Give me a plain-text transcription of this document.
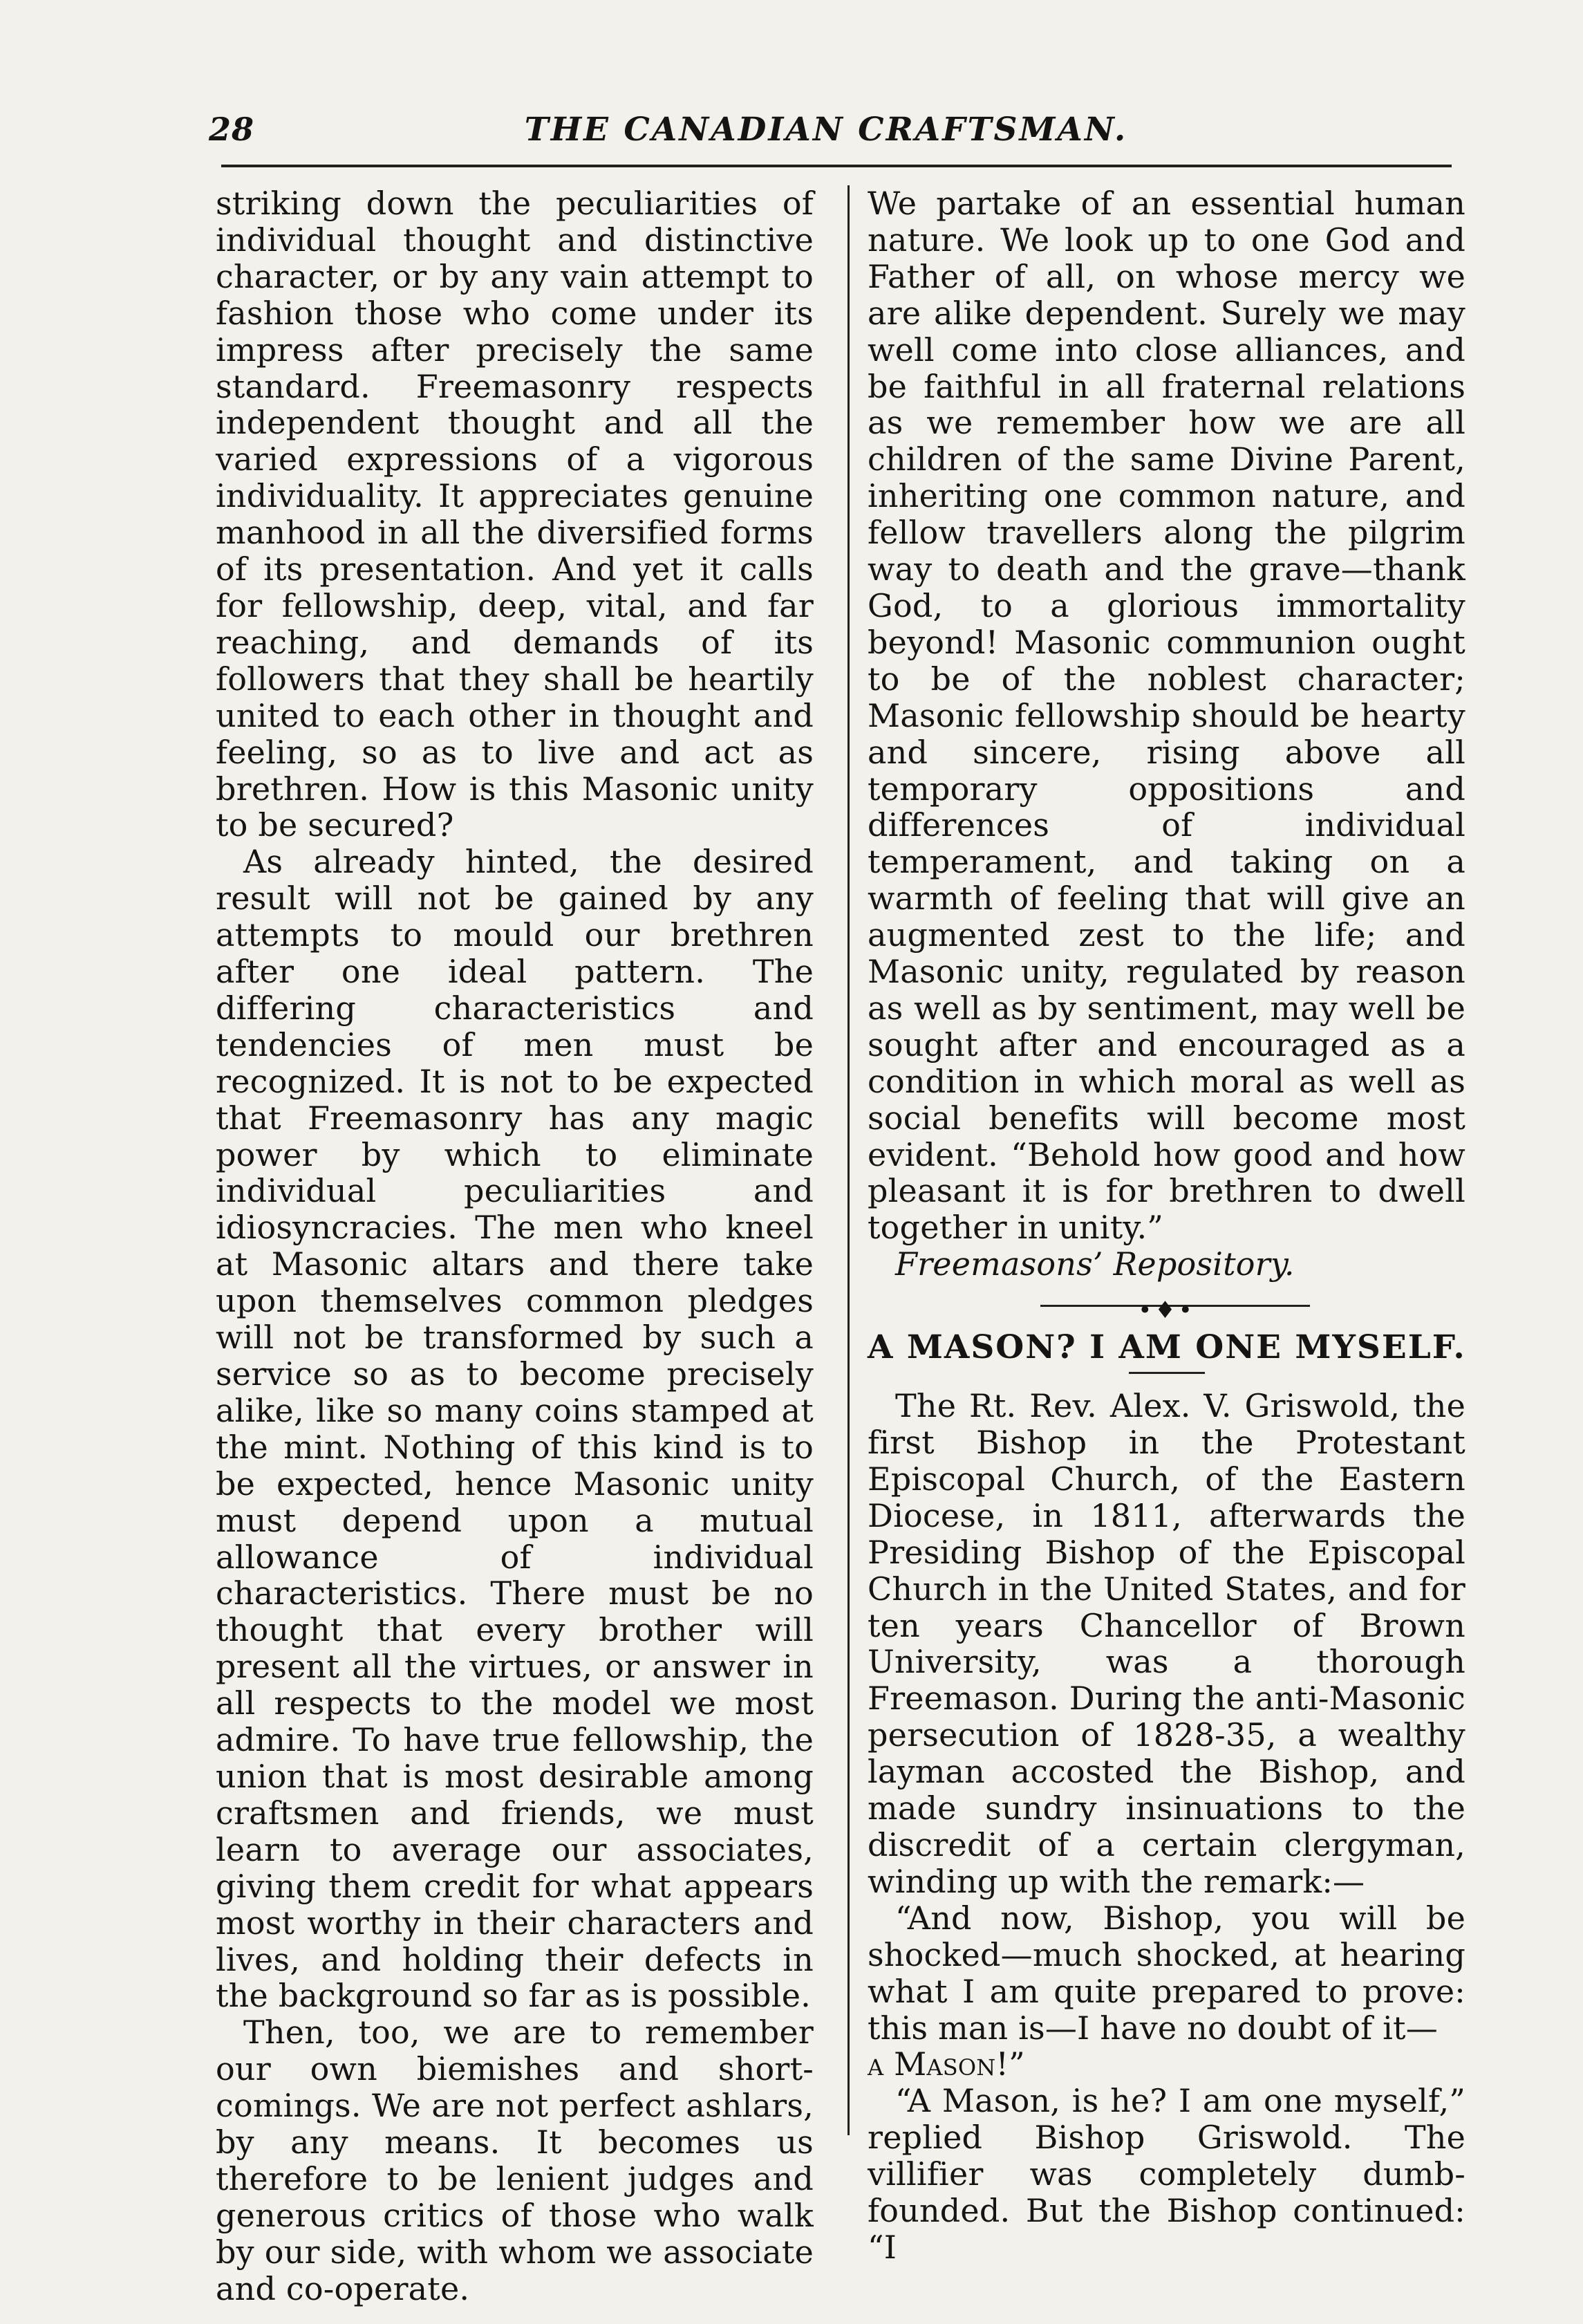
28	THE CANADIAN CRAFTSMAN.

striking down the peculiarities of individual thought and distinctive character, or by any vain attempt to fashion those who come under its impress after precisely the same standard. Freemasonry respects independent thought and all the varied expressions of a vigorous individuality. It appreciates genuine manhood in all the diversified forms of its presentation. And yet it calls for fellowship, deep, vital, and far reaching, and demands of its followers that they shall be heartily united to each other in thought and feeling, so as to live and act as brethren. How is this Masonic unity to be secured?

As already hinted, the desired result will not be gained by any attempts to mould our brethren after one ideal pattern. The differing characteristics and tendencies of men must be recognized. It is not to be expected that Freemasonry has any magic power by which to eliminate individual peculiarities and idiosyncracies. The men who kneel at Masonic altars and there take upon themselves common pledges will not be transformed by such a service so as to become precisely alike, like so many coins stamped at the mint. Nothing of this kind is to be expected, hence Masonic unity must depend upon a mutual allowance of individual characteristics. There must be no thought that every brother will present all the virtues, or answer in all respects to the model we most admire. To have true fellowship, the union that is most desirable among craftsmen and friends, we must learn to average our associates, giving them credit for what appears most worthy in their characters and lives, and holding their defects in the background so far as is possible.

Then, too, we are to remember our own biemishes and short-comings. We are not perfect ashlars, by any means. It becomes us therefore to be lenient judges and generous critics of those who walk by our side, with whom we associate and co-operate.

We partake of an essential human nature. We look up to one God and Father of all, on whose mercy we are alike dependent. Surely we may well come into close alliances, and be faithful in all fraternal relations as we remember how we are all children of the same Divine Parent, inheriting one common nature, and fellow travellers along the pilgrim way to death and the grave—thank God, to a glorious immortality beyond! Masonic communion ought to be of the noblest character; Masonic fellowship should be hearty and sincere, rising above all temporary oppositions and differences of individual temperament, and taking on a warmth of feeling that will give an augmented zest to the life; and Masonic unity, regulated by reason as well as by sentiment, may well be sought after and encouraged as a condition in which moral as well as social benefits will become most evident. “Behold how good and how pleasant it is for brethren to dwell together in unity.”

Freemasons’ Repository.

•♦•
A MASON? I AM ONE MYSELF.

The Rt. Rev. Alex. V. Griswold, the first Bishop in the Protestant Episcopal Church, of the Eastern Diocese, in 1811, afterwards the Presiding Bishop of the Episcopal Church in the United States, and for ten years Chancellor of Brown University, was a thorough Freemason. During the anti-Masonic persecution of 1828-35, a wealthy layman accosted the Bishop, and made sundry insinuations to the discredit of a certain clergyman, winding up with the remark:—

“And now, Bishop, you will be shocked—much shocked, at hearing what I am quite prepared to prove: this man is—I have no doubt of it—
a Mason!”

“A Mason, is he? I am one myself,” replied Bishop Griswold. The villifier was completely dumb-founded. But the Bishop continued: “I
